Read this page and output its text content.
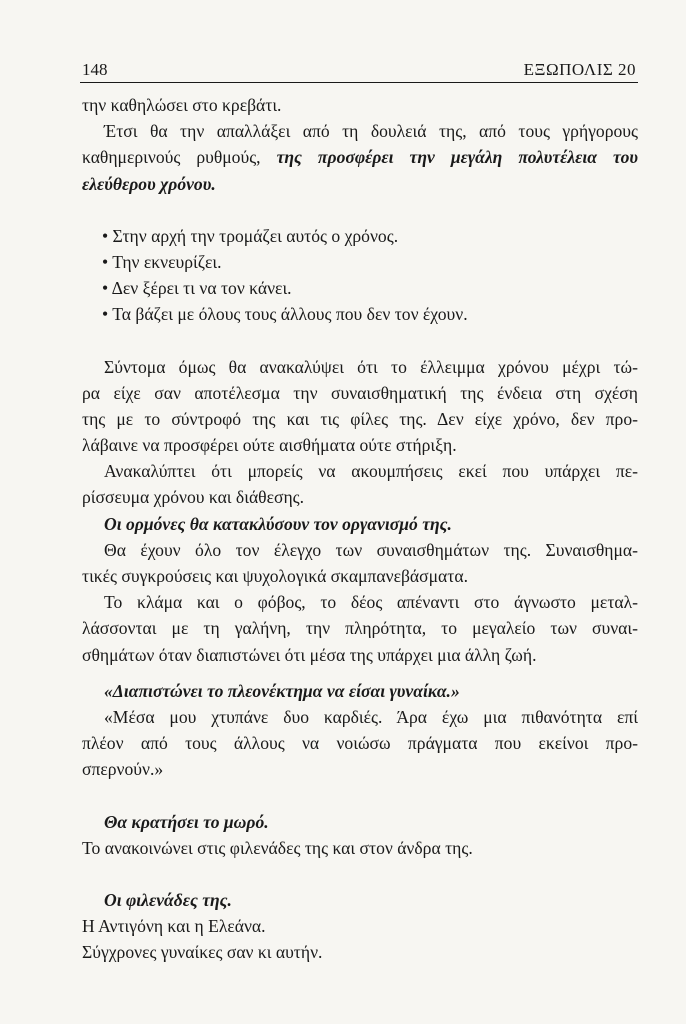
148	ΕΞΩΠΟΛΙΣ 20
την καθηλώσει στο κρεβάτι.
Έτσι θα την απαλλάξει από τη δουλειά της, από τους γρήγορους
καθημερινούς ρυθμούς, της προσφέρει την μεγάλη πολυτέλεια του
ελεύθερου χρόνου.
• Στην αρχή την τρομάζει αυτός ο χρόνος.
• Την εκνευρίζει.
• Δεν ξέρει τι να τον κάνει.
• Τα βάζει με όλους τους άλλους που δεν τον έχουν.
Σύντομα όμως θα ανακαλύψει ότι το έλλειμμα χρόνου μέχρι τώ-
ρα είχε σαν αποτέλεσμα την συναισθηματική της ένδεια στη σχέση
της με το σύντροφό της και τις φίλες της. Δεν είχε χρόνο, δεν προ-
λάβαινε να προσφέρει ούτε αισθήματα ούτε στήριξη.
Ανακαλύπτει ότι μπορείς να ακουμπήσεις εκεί που υπάρχει πε-
ρίσσευμα χρόνου και διάθεσης.
Οι ορμόνες θα κατακλύσουν τον οργανισμό της.
Θα έχουν όλο τον έλεγχο των συναισθημάτων της. Συναισθημα-
τικές συγκρούσεις και ψυχολογικά σκαμπανεβάσματα.
Το κλάμα και ο φόβος, το δέος απέναντι στο άγνωστο μεταλ-
λάσσονται με τη γαλήνη, την πληρότητα, το μεγαλείο των συναι-
σθημάτων όταν διαπιστώνει ότι μέσα της υπάρχει μια άλλη ζωή.
«Διαπιστώνει το πλεονέκτημα να είσαι γυναίκα.»
«Μέσα μου χτυπάνε δυο καρδιές. Άρα έχω μια πιθανότητα επί
πλέον από τους άλλους να νοιώσω πράγματα που εκείνοι προ-
σπερνούν.»
Θα κρατήσει το μωρό.
Το ανακοινώνει στις φιλενάδες της και στον άνδρα της.
Οι φιλενάδες της.
Η Αντιγόνη και η Ελεάνα.
Σύγχρονες γυναίκες σαν κι αυτήν.
